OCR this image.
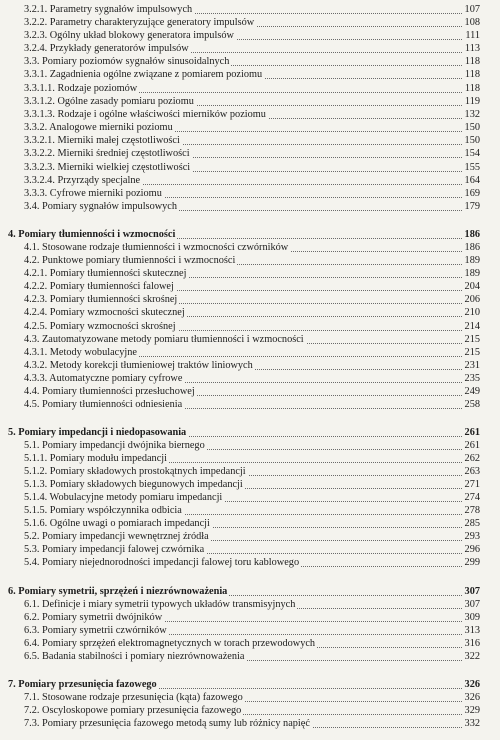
3.2.1. Parametry sygnałów impulsowych	107
3.2.2. Parametry charakteryzujące generatory impulsów	108
3.2.3. Ogólny układ blokowy generatora impulsów	111
3.2.4. Przykłady generatorów impulsów	113
3.3. Pomiary poziomów sygnałów sinusoidalnych	118
3.3.1. Zagadnienia ogólne związane z pomiarem poziomu	118
3.3.1.1. Rodzaje poziomów	118
3.3.1.2. Ogólne zasady pomiaru poziomu	119
3.3.1.3. Rodzaje i ogólne właściwości mierników poziomu	132
3.3.2. Analogowe mierniki poziomu	150
3.3.2.1. Mierniki małej częstotliwości	150
3.3.2.2. Mierniki średniej częstotliwości	154
3.3.2.3. Mierniki wielkiej częstotliwości	155
3.3.2.4. Przyrządy specjalne	164
3.3.3. Cyfrowe mierniki poziomu	169
3.4. Pomiary sygnałów impulsowych	179
4. Pomiary tłumienności i wzmocności	186
4.1. Stosowane rodzaje tłumienności i wzmocności czwórników	186
4.2. Punktowe pomiary tłumienności i wzmocności	189
4.2.1. Pomiary tłumienności skutecznej	189
4.2.2. Pomiary tłumienności falowej	204
4.2.3. Pomiary tłumienności skrośnej	206
4.2.4. Pomiary wzmocności skutecznej	210
4.2.5. Pomiary wzmocności skrośnej	214
4.3. Zautomatyzowane metody pomiaru tłumienności i wzmocności	215
4.3.1. Metody wobulacyjne	215
4.3.2. Metody korekcji tłumieniowej traktów liniowych	231
4.3.3. Automatyczne pomiary cyfrowe	235
4.4. Pomiary tłumienności przesłuchowej	249
4.5. Pomiary tłumienności odniesienia	258
5. Pomiary impedancji i niedopasowania	261
5.1. Pomiary impedancji dwójnika biernego	261
5.1.1. Pomiary modułu impedancji	262
5.1.2. Pomiary składowych prostokątnych impedancji	263
5.1.3. Pomiary składowych biegunowych impedancji	271
5.1.4. Wobulacyjne metody pomiaru impedancji	274
5.1.5. Pomiary współczynnika odbicia	278
5.1.6. Ogólne uwagi o pomiarach impedancji	285
5.2. Pomiary impedancji wewnętrznej źródła	293
5.3. Pomiary impedancji falowej czwórnika	296
5.4. Pomiary niejednorodności impedancji falowej toru kablowego	299
6. Pomiary symetrii, sprzężeń i niezrównoważenia	307
6.1. Definicje i miary symetrii typowych układów transmisyjnych	307
6.2. Pomiary symetrii dwójników	309
6.3. Pomiary symetrii czwórników	313
6.4. Pomiary sprzężeń elektromagnetycznych w torach przewodowych	316
6.5. Badania stabilności i pomiary niezrównoważenia	322
7. Pomiary przesunięcia fazowego	326
7.1. Stosowane rodzaje przesunięcia (kąta) fazowego	326
7.2. Oscyloskopowe pomiary przesunięcia fazowego	329
7.3. Pomiary przesunięcia fazowego metodą sumy lub różnicy napięć	332
